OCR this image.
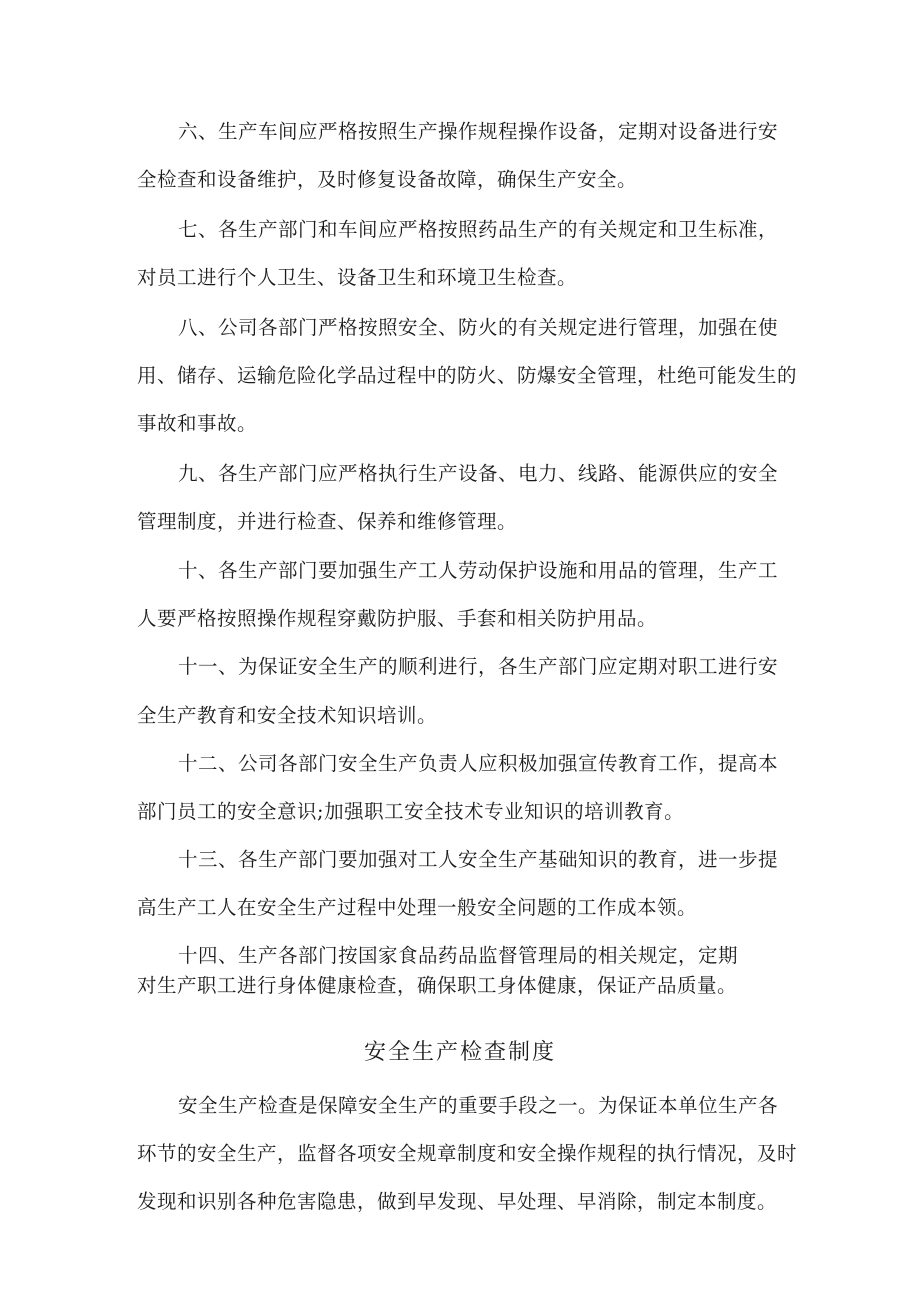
六、生产车间应严格按照生产操作规程操作设备，定期对设备进行安
全检查和设备维护，及时修复设备故障，确保生产安全。
七、各生产部门和车间应严格按照药品生产的有关规定和卫生标准，
对员工进行个人卫生、设备卫生和环境卫生检查。
八、公司各部门严格按照安全、防火的有关规定进行管理，加强在使
用、储存、运输危险化学品过程中的防火、防爆安全管理，杜绝可能发生的
事故和事故。
九、各生产部门应严格执行生产设备、电力、线路、能源供应的安全
管理制度，并进行检查、保养和维修管理。
十、各生产部门要加强生产工人劳动保护设施和用品的管理，生产工
人要严格按照操作规程穿戴防护服、手套和相关防护用品。
十一、为保证安全生产的顺利进行，各生产部门应定期对职工进行安
全生产教育和安全技术知识培训。
十二、公司各部门安全生产负责人应积极加强宣传教育工作，提高本
部门员工的安全意识;加强职工安全技术专业知识的培训教育。
十三、各生产部门要加强对工人安全生产基础知识的教育，进一步提
高生产工人在安全生产过程中处理一般安全问题的工作成本领。
十四、生产各部门按国家食品药品监督管理局的相关规定，定期
对生产职工进行身体健康检查，确保职工身体健康，保证产品质量。
安全生产检查制度
安全生产检查是保障安全生产的重要手段之一。为保证本单位生产各
环节的安全生产，监督各项安全规章制度和安全操作规程的执行情况，及时
发现和识别各种危害隐患，做到早发现、早处理、早消除，制定本制度。
